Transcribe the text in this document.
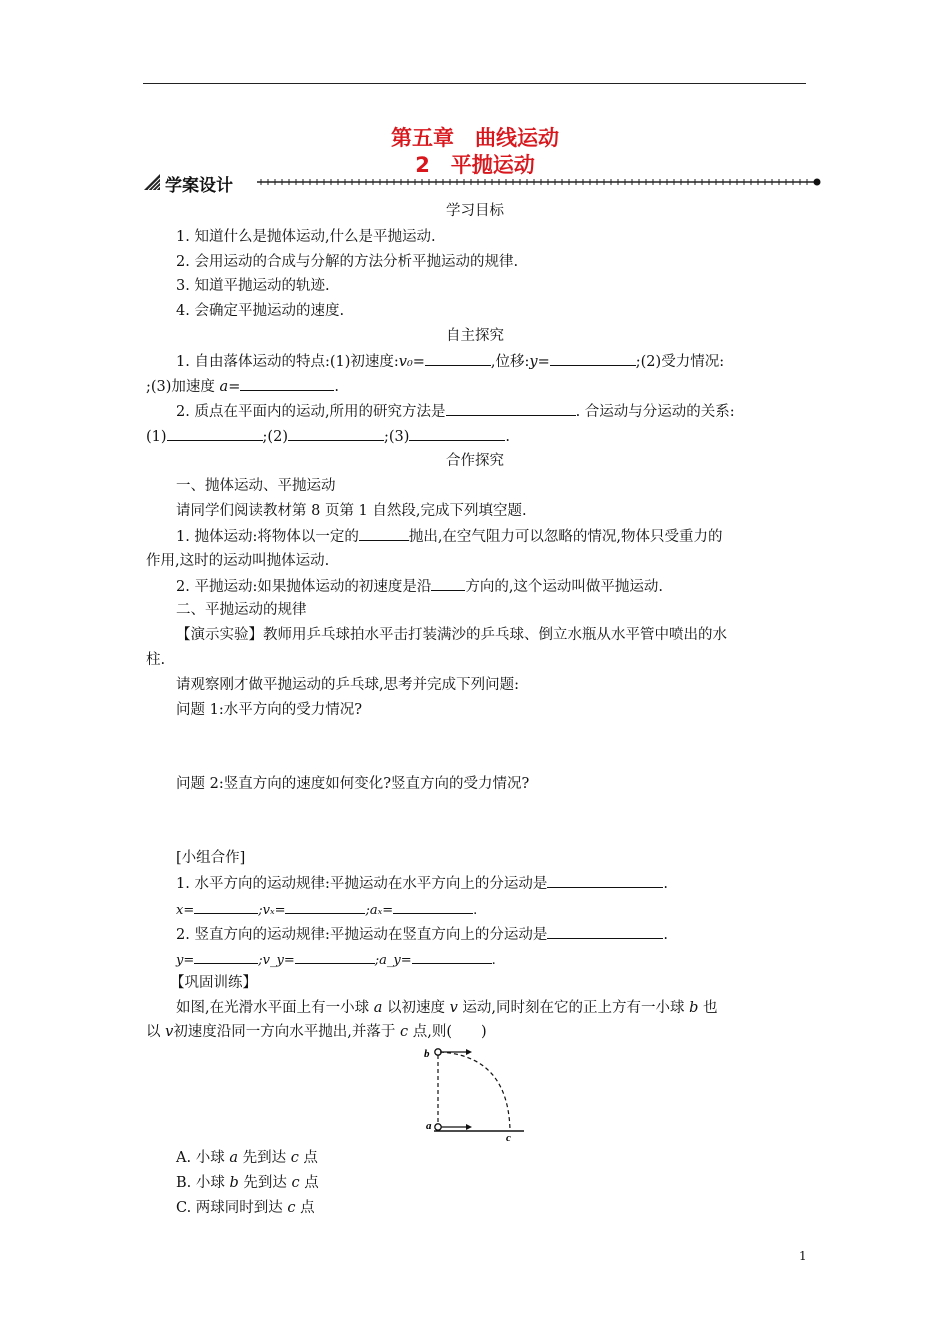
第五章　曲线运动
2　平抛运动
学案设计
学习目标
1. 知道什么是抛体运动,什么是平抛运动.
2. 会用运动的合成与分解的方法分析平抛运动的规律.
3. 知道平抛运动的轨迹.
4. 会确定平抛运动的速度.
自主探究
1. 自由落体运动的特点:(1)初速度:v₀=	,位移:y=	;(2)受力情况:
;(3)加速度 a=	.
2. 质点在平面内的运动,所用的研究方法是	. 合运动与分运动的关系:
(1)	;(2)	;(3)	.
合作探究
一、抛体运动、平抛运动
请同学们阅读教材第 8 页第 1 自然段,完成下列填空题.
1. 抛体运动:将物体以一定的	抛出,在空气阻力可以忽略的情况,物体只受重力的
作用,这时的运动叫抛体运动.
2. 平抛运动:如果抛体运动的初速度是沿 方向的,这个运动叫做平抛运动.
二、平抛运动的规律
【演示实验】教师用乒乓球拍水平击打装满沙的乒乓球、倒立水瓶从水平管中喷出的水
柱.
请观察刚才做平抛运动的乒乓球,思考并完成下列问题:
问题 1:水平方向的受力情况?
问题 2:竖直方向的速度如何变化?竖直方向的受力情况?
[小组合作]
1. 水平方向的运动规律:平抛运动在水平方向上的分运动是	.
x=	;vₓ=	;aₓ=	.
2. 竖直方向的运动规律:平抛运动在竖直方向上的分运动是	.
y=	;v_y=	;a_y=	.
【巩固训练】
如图,在光滑水平面上有一小球 a 以初速度 v 运动,同时刻在它的正上方有一小球 b 也
以 v初速度沿同一方向水平抛出,并落于 c 点,则(　　)
b
a
c
A. 小球 a 先到达 c 点
B. 小球 b 先到达 c 点
C. 两球同时到达 c 点
1
